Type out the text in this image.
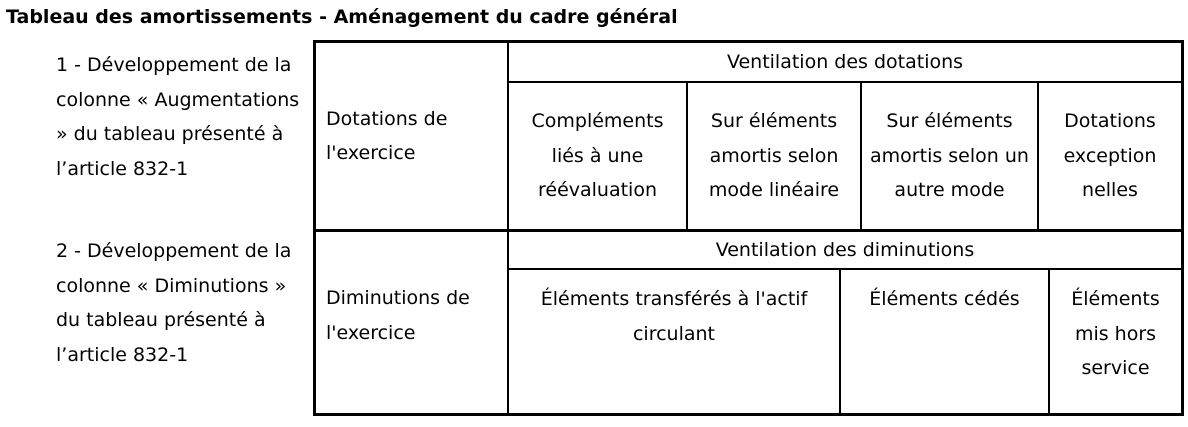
Tableau des amortissements - Aménagement du cadre général
1 - Développement de la colonne « Augmentations » du tableau présenté à l’article 832-1
2 - Développement de la colonne « Diminutions » du tableau présenté à l’article 832-1
Dotations de l'exercice
Ventilation des dotations
Compléments liés à une réévaluation
Sur éléments amortis selon mode linéaire
Sur éléments amortis selon un autre mode
Dotations exception nelles
Diminutions de l'exercice
Ventilation des diminutions
Éléments transférés à l'actif circulant
Éléments cédés	Éléments mis hors service
